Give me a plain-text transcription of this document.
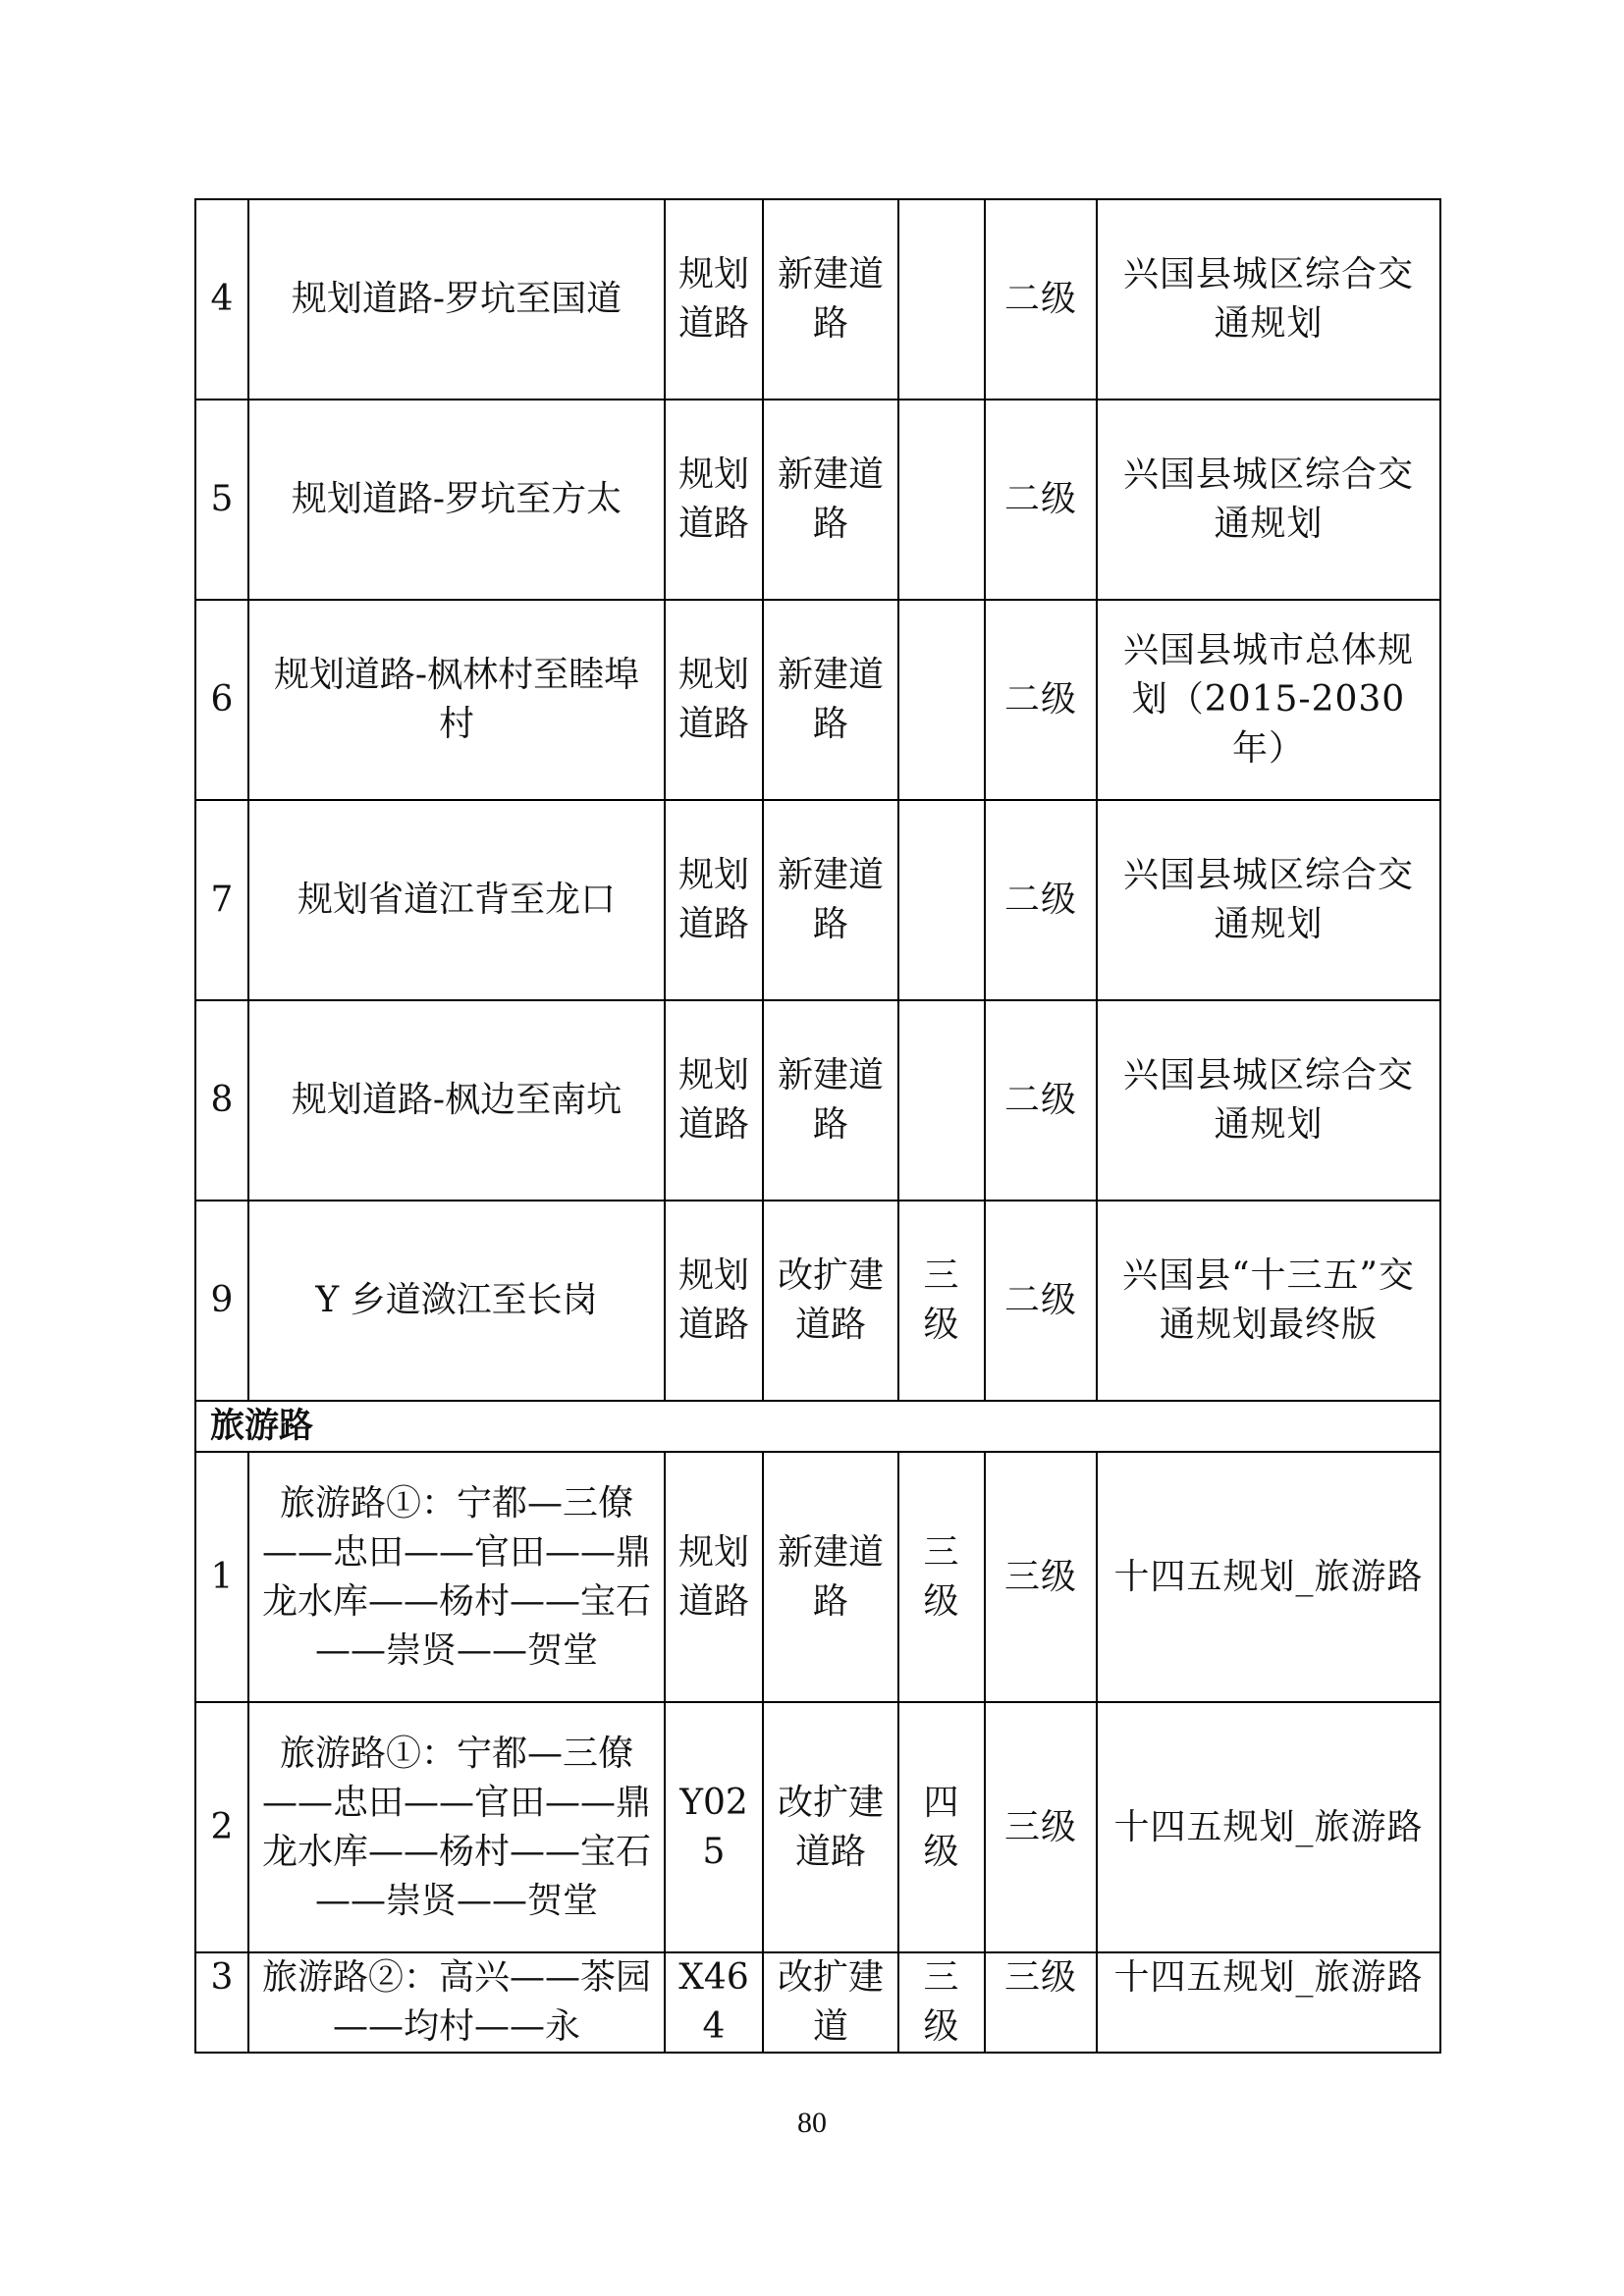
4	规划道路-罗坑至国道	规划道路	新建道路		二级	兴国县城区综合交通规划
5	规划道路-罗坑至方太	规划道路	新建道路		二级	兴国县城区综合交通规划
6	规划道路-枫林村至睦埠村	规划道路	新建道路		二级	兴国县城市总体规划（2015-2030年）
7	规划省道江背至龙口	规划道路	新建道路		二级	兴国县城区综合交通规划
8	规划道路-枫边至南坑	规划道路	新建道路		二级	兴国县城区综合交通规划
9	Y 乡道潋江至长岗	规划道路	改扩建道路	三级	二级	兴国县“十三五”交通规划最终版
旅游路						
1	旅游路①：宁都—三僚——忠田——官田——鼎龙水库——杨村——宝石——崇贤——贺堂	规划道路	新建道路	三级	三级	十四五规划_旅游路
2	旅游路①：宁都—三僚——忠田——官田——鼎龙水库——杨村——宝石——崇贤——贺堂	Y025	改扩建道路	四级	三级	十四五规划_旅游路
3	旅游路②：高兴——茶园——均村——永	X464	改扩建道	三级	三级	十四五规划_旅游路
80
